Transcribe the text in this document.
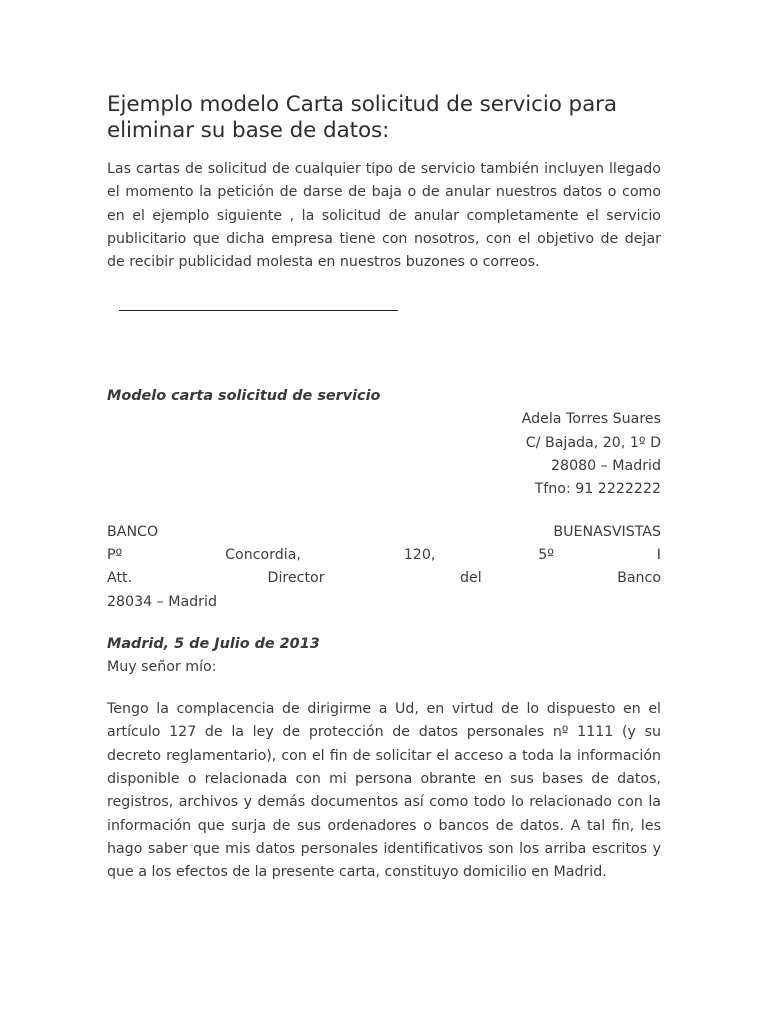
Ejemplo modelo Carta solicitud de servicio para eliminar su base de datos:

Las cartas de solicitud de cualquier tipo de servicio también incluyen llegado el momento la petición de darse de baja o de anular nuestros datos o como en el ejemplo siguiente , la solicitud de anular completamente el servicio publicitario que dicha empresa tiene con nosotros, con el objetivo de dejar de recibir publicidad molesta en nuestros buzones o correos.

Modelo carta solicitud de servicio
Adela Torres Suares
C/ Bajada, 20, 1º D
28080 – Madrid
Tfno: 91 2222222
BANCO	BUENASVISTAS
Pº	Concordia,	120,	5º	I
Att.	Director	del	Banco
28034 – Madrid
Madrid, 5 de Julio de 2013
Muy señor mío:

Tengo la complacencia de dirigirme a Ud, en virtud de lo dispuesto en el artículo 127 de la ley de protección de datos personales nº 1111 (y su decreto reglamentario), con el fin de solicitar el acceso a toda la información disponible o relacionada con mi persona obrante en sus bases de datos, registros, archivos y demás documentos así como todo lo relacionado con la información que surja de sus ordenadores o bancos de datos. A tal fin, les hago saber que mis datos personales identificativos son los arriba escritos y que a los efectos de la presente carta, constituyo domicilio en Madrid.
